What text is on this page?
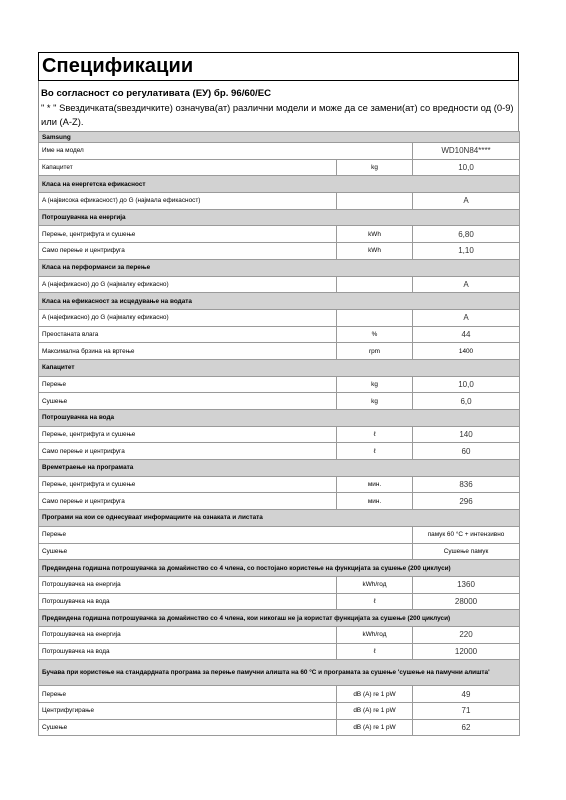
Спецификации
Во согласност со регулативата (ЕУ) бр. 96/60/EC
" * " Sвездичката(ѕвездичките) означува(ат) различни модели и може да се замени(ат) со вредности од (0-9) или (A-Z).
Samsung		
Име на модел		WD10N84****
Капацитет	kg	10,0
Класа на енергетска ефикасност		
A (највисока ефикасност) до G (најмала ефикасност)		A
Потрошувачка на енергија		
Перење, центрифуга и сушење	kWh	6,80
Само перење и центрифуга	kWh	1,10
Класа на перформанси за перење		
A (најефикасно) до G (најмалку ефикасно)		A
Класа на ефикасност за исцедување на водата		
A (најефикасно) до G (најмалку ефикасно)		A
Преостаната влага	%	44
Максимална брзина на вртење	rpm	1400
Капацитет		
Перење	kg	10,0
Сушење	kg	6,0
Потрошувачка на вода		
Перење, центрифуга и сушење	ℓ	140
Само перење и центрифуга	ℓ	60
Времетраење на програмата		
Перење, центрифуга и сушење	мин.	836
Само перење и центрифуга	мин.	296
Програми на кои се однесуваат информациите на ознаката и листата		
Перење		памук 60 °C + интензивно
Сушење		Сушење памук
Предвидена годишна потрошувачка за домаќинство со 4 члена, со постојано користење на функцијата за сушење (200 циклуси)		
Потрошувачка на енергија	kWh/год	1360
Потрошувачка на вода	ℓ	28000
Предвидена годишна потрошувачка за домаќинство со 4 члена, кои никогаш не ја користат функцијата за сушење (200 циклуси)		
Потрошувачка на енергија	kWh/год	220
Потрошувачка на вода	ℓ	12000
Бучава при користење на стандардната програма за перење памучни алишта на 60 °C и програмата за сушење 'сушење на памучни алишта'		
Перење	dB (A) re 1 pW	49
Центрифугирање	dB (A) re 1 pW	71
Сушење	dB (A) re 1 pW	62
